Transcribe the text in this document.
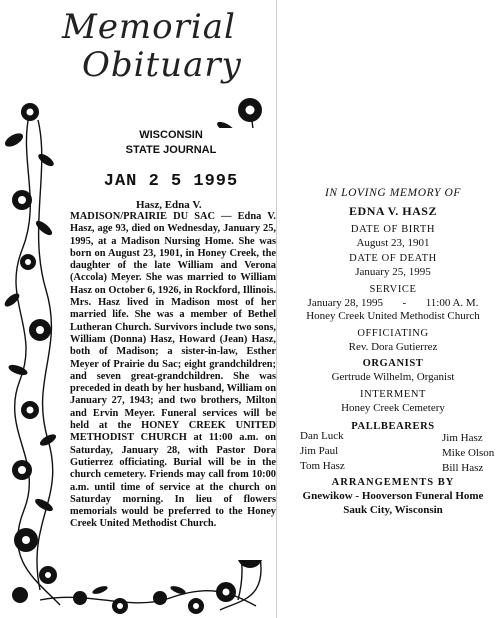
Memorial
Obituary
WISCONSIN
STATE JOURNAL
JAN 2 5 1995
Hasz, Edna V.
MADISON/PRAIRIE DU SAC — Edna V. Hasz, age 93, died on Wednesday, January 25, 1995, at a Madison Nursing Home. She was born on August 23, 1901, in Honey Creek, the daughter of the late William and Verona (Accola) Meyer. She was married to William Hasz on October 6, 1926, in Rockford, Illinois. Mrs. Hasz lived in Madison most of her married life. She was a member of Bethel Lutheran Church. Survivors include two sons, William (Donna) Hasz, Howard (Jean) Hasz, both of Madison; a sister-in-law, Esther Meyer of Prairie du Sac; eight grandchildren; and seven great-grandchildren. She was preceded in death by her husband, William on January 27, 1943; and two brothers, Milton and Ervin Meyer. Funeral services will be held at the HONEY CREEK UNITED METHODIST CHURCH at 11:00 a.m. on Saturday, January 28, with Pastor Dora Gutierrez officiating. Burial will be in the church cemetery. Friends may call from 10:00 a.m. until time of service at the church on Saturday morning. In lieu of flowers memorials would be preferred to the Honey Creek United Methodist Church.
IN LOVING MEMORY OF
EDNA V. HASZ
DATE OF BIRTH
August 23, 1901
DATE OF DEATH
January 25, 1995
SERVICE
January 28, 1995 - 11:00 A. M.
Honey Creek United Methodist Church
OFFICIATING
Rev. Dora Gutierrez
ORGANIST
Gertrude Wilhelm, Organist
INTERMENT
Honey Creek Cemetery
PALLBEARERS
Dan Luck
Jim Paul
Tom Hasz
Jim Hasz
Mike Olson
Bill Hasz
ARRANGEMENTS BY
Gnewikow - Hooverson Funeral Home
Sauk City, Wisconsin
